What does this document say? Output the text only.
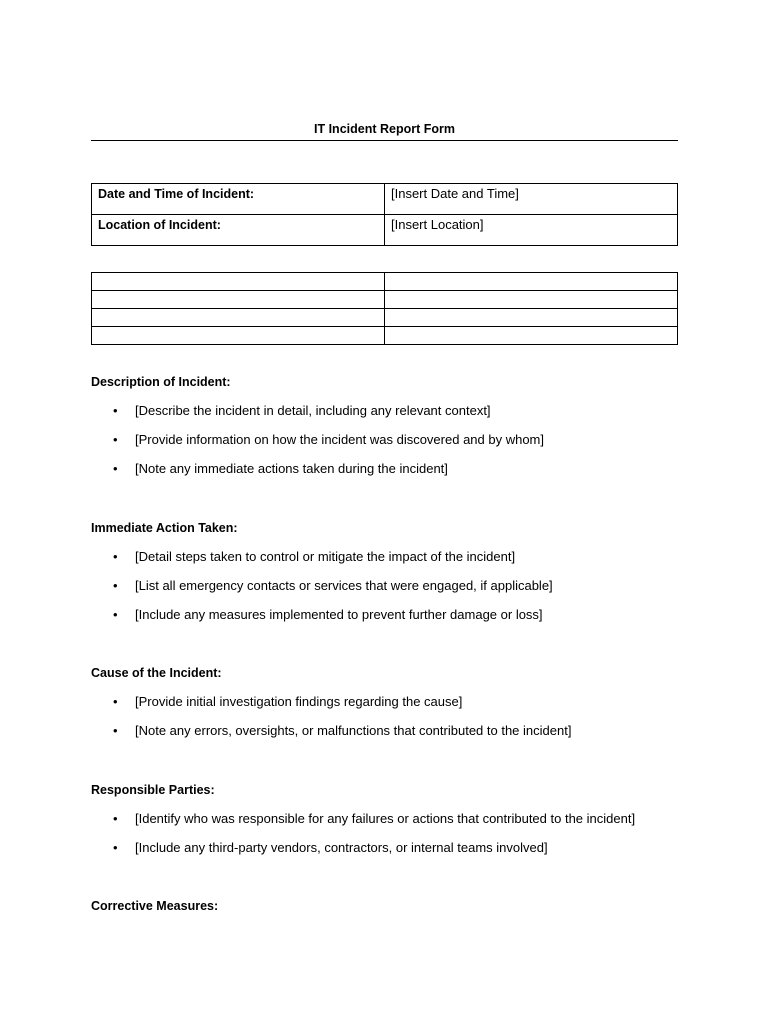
IT Incident Report Form
Date and Time of Incident:	[Insert Date and Time]
Location of Incident:	[Insert Location]

Description of Incident:
• [Describe the incident in detail, including any relevant context]
• [Provide information on how the incident was discovered and by whom]
• [Note any immediate actions taken during the incident]
Immediate Action Taken:
• [Detail steps taken to control or mitigate the impact of the incident]
• [List all emergency contacts or services that were engaged, if applicable]
• [Include any measures implemented to prevent further damage or loss]
Cause of the Incident:
• [Provide initial investigation findings regarding the cause]
• [Note any errors, oversights, or malfunctions that contributed to the incident]
Responsible Parties:
• [Identify who was responsible for any failures or actions that contributed to the incident]
• [Include any third-party vendors, contractors, or internal teams involved]
Corrective Measures:
